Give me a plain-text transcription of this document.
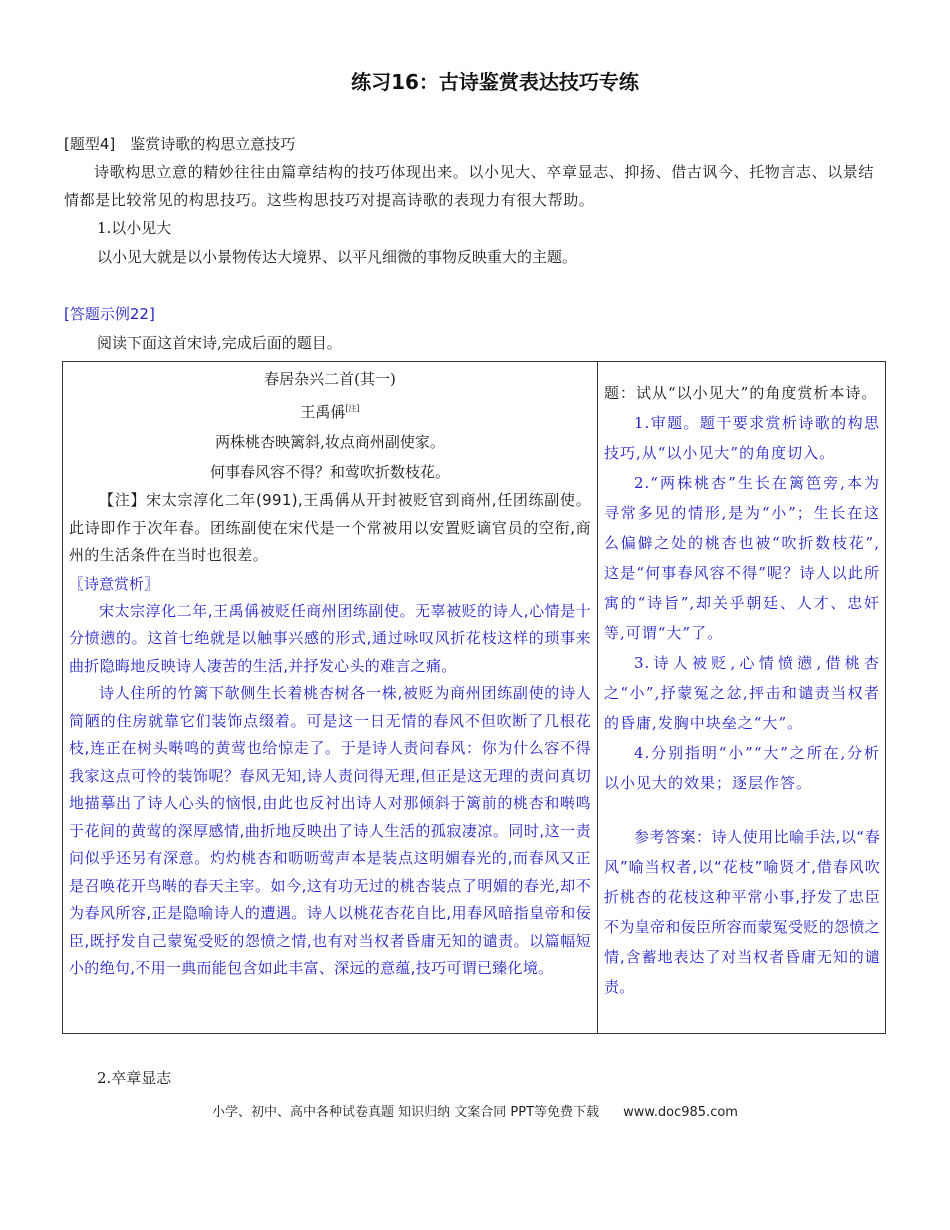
练习16：古诗鉴赏表达技巧专练
[题型4]　鉴赏诗歌的构思立意技巧
诗歌构思立意的精妙往往由篇章结构的技巧体现出来。以小见大、卒章显志、抑扬、借古讽今、托物言志、以景结情都是比较常见的构思技巧。这些构思技巧对提高诗歌的表现力有很大帮助。
1.以小见大
以小见大就是以小景物传达大境界、以平凡细微的事物反映重大的主题。
[答题示例22]
阅读下面这首宋诗,完成后面的题目。
春居杂兴二首(其一)
王禹偁[注]
两株桃杏映篱斜,妆点商州副使家。
何事春风容不得？和莺吹折数枝花。

【注】宋太宗淳化二年(991),王禹偁从开封被贬官到商州,任团练副使。此诗即作于次年春。团练副使在宋代是一个常被用以安置贬谪官员的空衔,商州的生活条件在当时也很差。

〖诗意赏析〗

宋太宗淳化二年,王禹偁被贬任商州团练副使。无辜被贬的诗人,心情是十分愤懑的。这首七绝就是以触事兴感的形式,通过咏叹风折花枝这样的琐事来曲折隐晦地反映诗人凄苦的生活,并抒发心头的难言之痛。

诗人住所的竹篱下欹侧生长着桃杏树各一株,被贬为商州团练副使的诗人简陋的住房就靠它们装饰点缀着。可是这一日无情的春风不但吹断了几根花枝,连正在树头啭鸣的黄莺也给惊走了。于是诗人责问春风：你为什么容不得我家这点可怜的装饰呢？春风无知,诗人责问得无理,但正是这无理的责问真切地描摹出了诗人心头的恼恨,由此也反衬出诗人对那倾斜于篱前的桃杏和啭鸣于花间的黄莺的深厚感情,曲折地反映出了诗人生活的孤寂凄凉。同时,这一责问似乎还另有深意。灼灼桃杏和呖呖莺声本是装点这明媚春光的,而春风又正是召唤花开鸟啭的春天主宰。如今,这有功无过的桃杏装点了明媚的春光,却不为春风所容,正是隐喻诗人的遭遇。诗人以桃花杏花自比,用春风暗指皇帝和佞臣,既抒发自己蒙冤受贬的怨愤之情,也有对当权者昏庸无知的谴责。以篇幅短小的绝句,不用一典而能包含如此丰富、深远的意蕴,技巧可谓已臻化境。

题：试从“以小见大”的角度赏析本诗。

1.审题。题干要求赏析诗歌的构思技巧,从“以小见大”的角度切入。

2.“两株桃杏”生长在篱笆旁,本为寻常多见的情形,是为“小”；生长在这么偏僻之处的桃杏也被“吹折数枝花”,这是“何事春风容不得”呢？诗人以此所寓的“诗旨”,却关乎朝廷、人才、忠奸等,可谓“大”了。

3.诗人被贬,心情愤懑,借桃杏之“小”,抒蒙冤之忿,抨击和谴责当权者的昏庸,发胸中块垒之“大”。

4.分别指明“小”“大”之所在,分析以小见大的效果；逐层作答。

参考答案：诗人使用比喻手法,以“春风”喻当权者,以“花枝”喻贤才,借春风吹折桃杏的花枝这种平常小事,抒发了忠臣不为皇帝和佞臣所容而蒙冤受贬的怨愤之情,含蓄地表达了对当权者昏庸无知的谴责。

2.卒章显志
小学、初中、高中各种试卷真题 知识归纳 文案合同 PPT等免费下载 www.doc985.com
